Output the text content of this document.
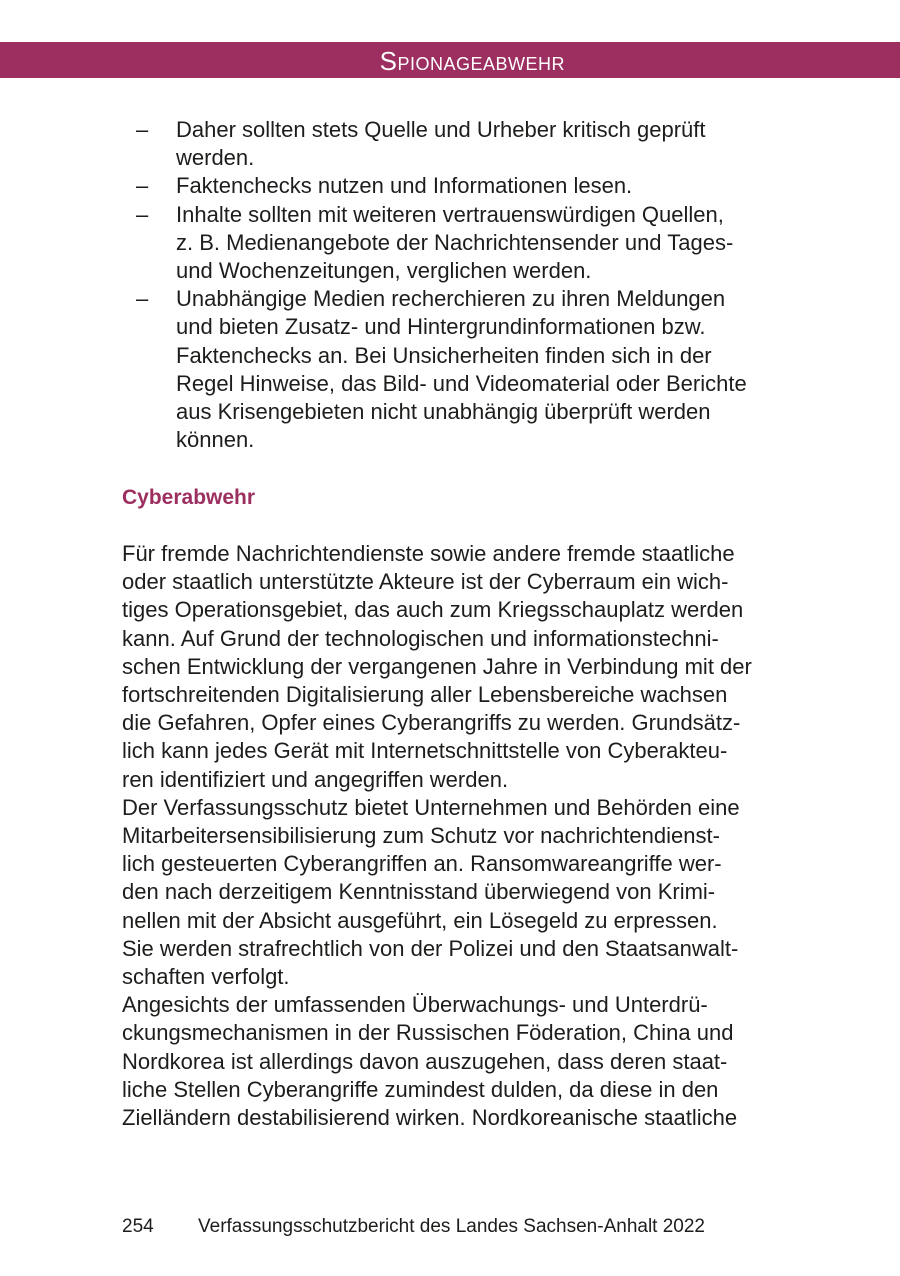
Spionageabwehr
– Daher sollten stets Quelle und Urheber kritisch geprüft
werden.
– Faktenchecks nutzen und Informationen lesen.
– Inhalte sollten mit weiteren vertrauenswürdigen Quellen,
z. B. Medienangebote der Nachrichtensender und Tages-
und Wochenzeitungen, verglichen werden.
– Unabhängige Medien recherchieren zu ihren Meldungen
und bieten Zusatz- und Hintergrundinformationen bzw.
Faktenchecks an. Bei Unsicherheiten finden sich in der
Regel Hinweise, das Bild- und Videomaterial oder Berichte
aus Krisengebieten nicht unabhängig überprüft werden
können.
Cyberabwehr

Für fremde Nachrichtendienste sowie andere fremde staatliche
oder staatlich unterstützte Akteure ist der Cyberraum ein wich-
tiges Operationsgebiet, das auch zum Kriegsschauplatz werden
kann. Auf Grund der technologischen und informationstechni-
schen Entwicklung der vergangenen Jahre in Verbindung mit der
fortschreitenden Digitalisierung aller Lebensbereiche wachsen
die Gefahren, Opfer eines Cyberangriffs zu werden. Grundsätz-
lich kann jedes Gerät mit Internetschnittstelle von Cyberakteu-
ren identifiziert und angegriffen werden.

Der Verfassungsschutz bietet Unternehmen und Behörden eine
Mitarbeitersensibilisierung zum Schutz vor nachrichtendienst-
lich gesteuerten Cyberangriffen an. Ransomwareangriffe wer-
den nach derzeitigem Kenntnisstand überwiegend von Krimi-
nellen mit der Absicht ausgeführt, ein Lösegeld zu erpressen.
Sie werden strafrechtlich von der Polizei und den Staatsanwalt-
schaften verfolgt.

Angesichts der umfassenden Überwachungs- und Unterdrü-
ckungsmechanismen in der Russischen Föderation, China und
Nordkorea ist allerdings davon auszugehen, dass deren staat-
liche Stellen Cyberangriffe zumindest dulden, da diese in den
Zielländern destabilisierend wirken. Nordkoreanische staatliche

254 Verfassungsschutzbericht des Landes Sachsen-Anhalt 2022
